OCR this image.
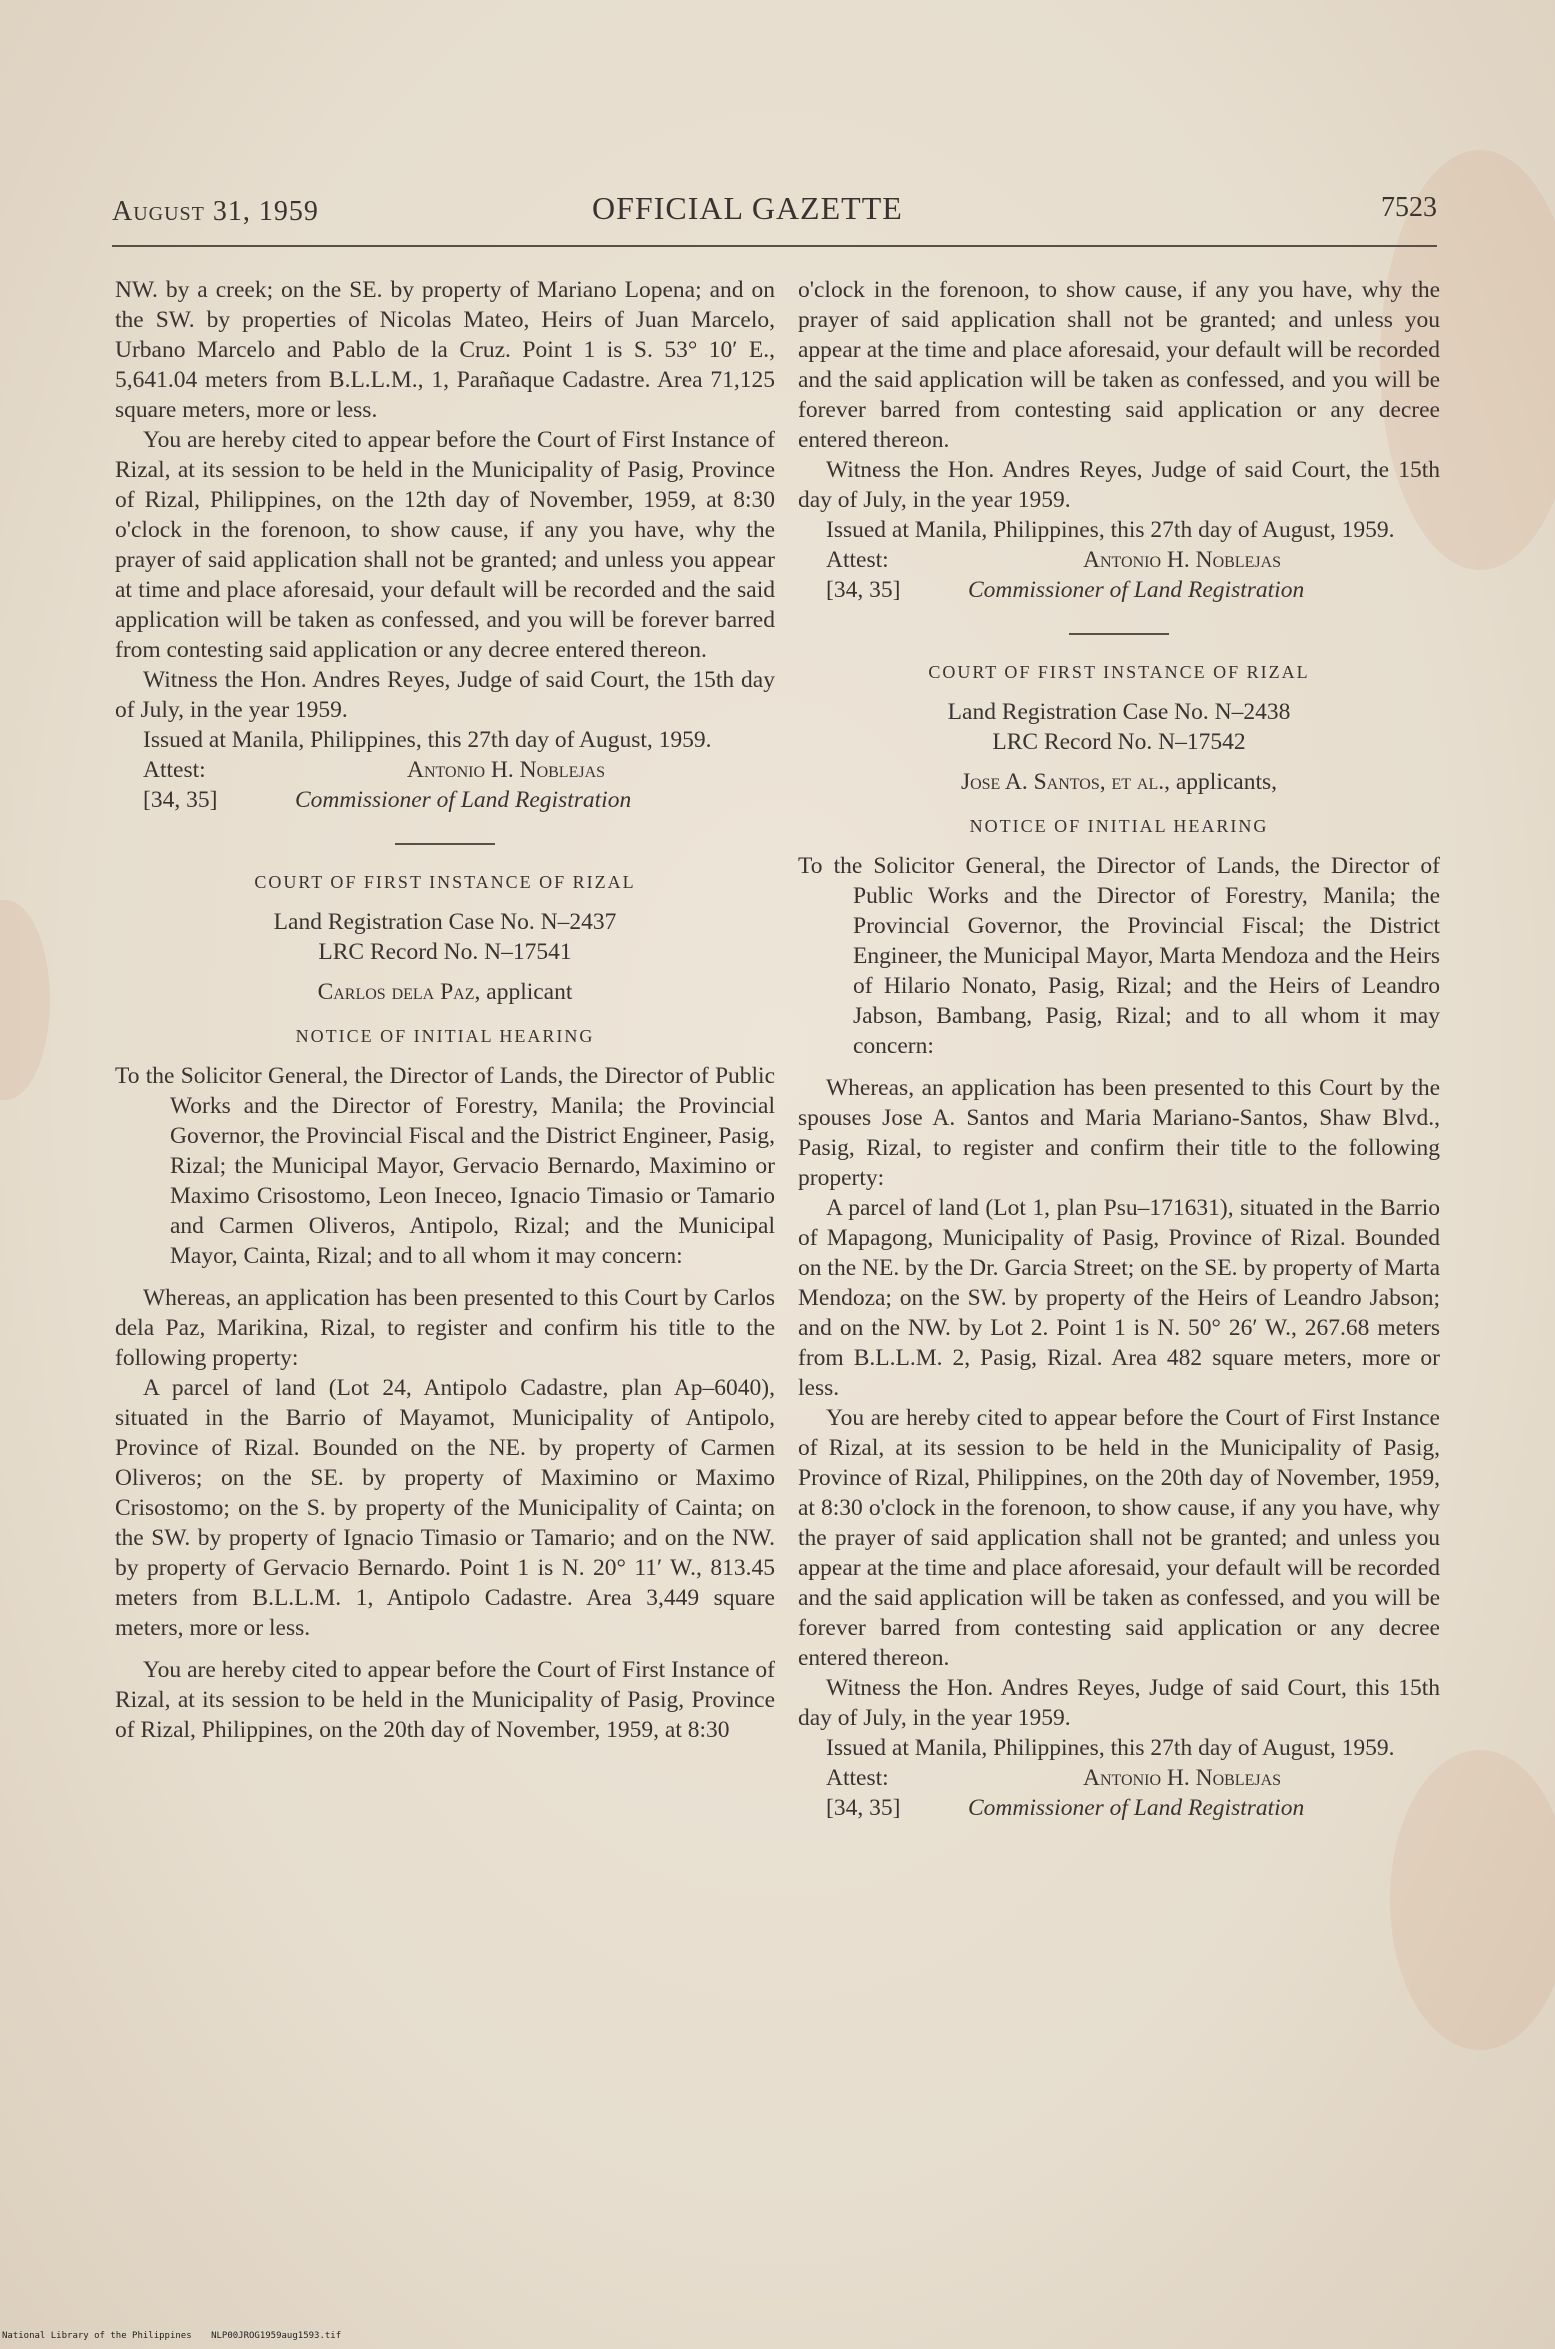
August 31, 1959	OFFICIAL GAZETTE	7523

NW. by a creek; on the SE. by property of Mariano Lopena; and on the SW. by properties of Nicolas Mateo, Heirs of Juan Marcelo, Urbano Marcelo and Pablo de la Cruz. Point 1 is S. 53° 10′ E., 5,641.04 meters from B.L.L.M., 1, Parañaque Cadastre. Area 71,125 square meters, more or less.

You are hereby cited to appear before the Court of First Instance of Rizal, at its session to be held in the Municipality of Pasig, Province of Rizal, Philippines, on the 12th day of November, 1959, at 8:30 o'clock in the forenoon, to show cause, if any you have, why the prayer of said application shall not be granted; and unless you appear at time and place aforesaid, your default will be recorded and the said application will be taken as confessed, and you will be forever barred from contesting said application or any decree entered thereon.

Witness the Hon. Andres Reyes, Judge of said Court, the 15th day of July, in the year 1959.

Issued at Manila, Philippines, this 27th day of August, 1959.

Attest:
[34, 35]
Antonio H. Noblejas
Commissioner of Land Registration
COURT OF FIRST INSTANCE OF RIZAL

Land Registration Case No. N–2437

LRC Record No. N–17541

Carlos dela Paz, applicant

NOTICE OF INITIAL HEARING

To the Solicitor General, the Director of Lands, the Director of Public Works and the Director of Forestry, Manila; the Provincial Governor, the Provincial Fiscal and the District Engineer, Pasig, Rizal; the Municipal Mayor, Gervacio Bernardo, Maximino or Maximo Crisostomo, Leon Ineceo, Ignacio Timasio or Tamario and Carmen Oliveros, Antipolo, Rizal; and the Municipal Mayor, Cainta, Rizal; and to all whom it may concern:

Whereas, an application has been presented to this Court by Carlos dela Paz, Marikina, Rizal, to register and confirm his title to the following property:

A parcel of land (Lot 24, Antipolo Cadastre, plan Ap–6040), situated in the Barrio of Mayamot, Municipality of Antipolo, Province of Rizal. Bounded on the NE. by property of Carmen Oliveros; on the SE. by property of Maximino or Maximo Crisostomo; on the S. by property of the Municipality of Cainta; on the SW. by property of Ignacio Timasio or Tamario; and on the NW. by property of Gervacio Bernardo. Point 1 is N. 20° 11′ W., 813.45 meters from B.L.L.M. 1, Antipolo Cadastre. Area 3,449 square meters, more or less.

You are hereby cited to appear before the Court of First Instance of Rizal, at its session to be held in the Municipality of Pasig, Province of Rizal, Philippines, on the 20th day of November, 1959, at 8:30

o'clock in the forenoon, to show cause, if any you have, why the prayer of said application shall not be granted; and unless you appear at the time and place aforesaid, your default will be recorded and the said application will be taken as confessed, and you will be forever barred from contesting said application or any decree entered thereon.

Witness the Hon. Andres Reyes, Judge of said Court, the 15th day of July, in the year 1959.

Issued at Manila, Philippines, this 27th day of August, 1959.

Attest:
[34, 35]
Antonio H. Noblejas
Commissioner of Land Registration
COURT OF FIRST INSTANCE OF RIZAL

Land Registration Case No. N–2438

LRC Record No. N–17542

Jose A. Santos, et al., applicants,

NOTICE OF INITIAL HEARING

To the Solicitor General, the Director of Lands, the Director of Public Works and the Director of Forestry, Manila; the Provincial Governor, the Provincial Fiscal; the District Engineer, the Municipal Mayor, Marta Mendoza and the Heirs of Hilario Nonato, Pasig, Rizal; and the Heirs of Leandro Jabson, Bambang, Pasig, Rizal; and to all whom it may concern:

Whereas, an application has been presented to this Court by the spouses Jose A. Santos and Maria Mariano-Santos, Shaw Blvd., Pasig, Rizal, to register and confirm their title to the following property:

A parcel of land (Lot 1, plan Psu–171631), situated in the Barrio of Mapagong, Municipality of Pasig, Province of Rizal. Bounded on the NE. by the Dr. Garcia Street; on the SE. by property of Marta Mendoza; on the SW. by property of the Heirs of Leandro Jabson; and on the NW. by Lot 2. Point 1 is N. 50° 26′ W., 267.68 meters from B.L.L.M. 2, Pasig, Rizal. Area 482 square meters, more or less.

You are hereby cited to appear before the Court of First Instance of Rizal, at its session to be held in the Municipality of Pasig, Province of Rizal, Philippines, on the 20th day of November, 1959, at 8:30 o'clock in the forenoon, to show cause, if any you have, why the prayer of said application shall not be granted; and unless you appear at the time and place aforesaid, your default will be recorded and the said application will be taken as confessed, and you will be forever barred from contesting said application or any decree entered thereon.

Witness the Hon. Andres Reyes, Judge of said Court, this 15th day of July, in the year 1959.

Issued at Manila, Philippines, this 27th day of August, 1959.

Attest:
[34, 35]
Antonio H. Noblejas
Commissioner of Land Registration
National Library of the Philippines NLP00JROG1959aug1593.tif
